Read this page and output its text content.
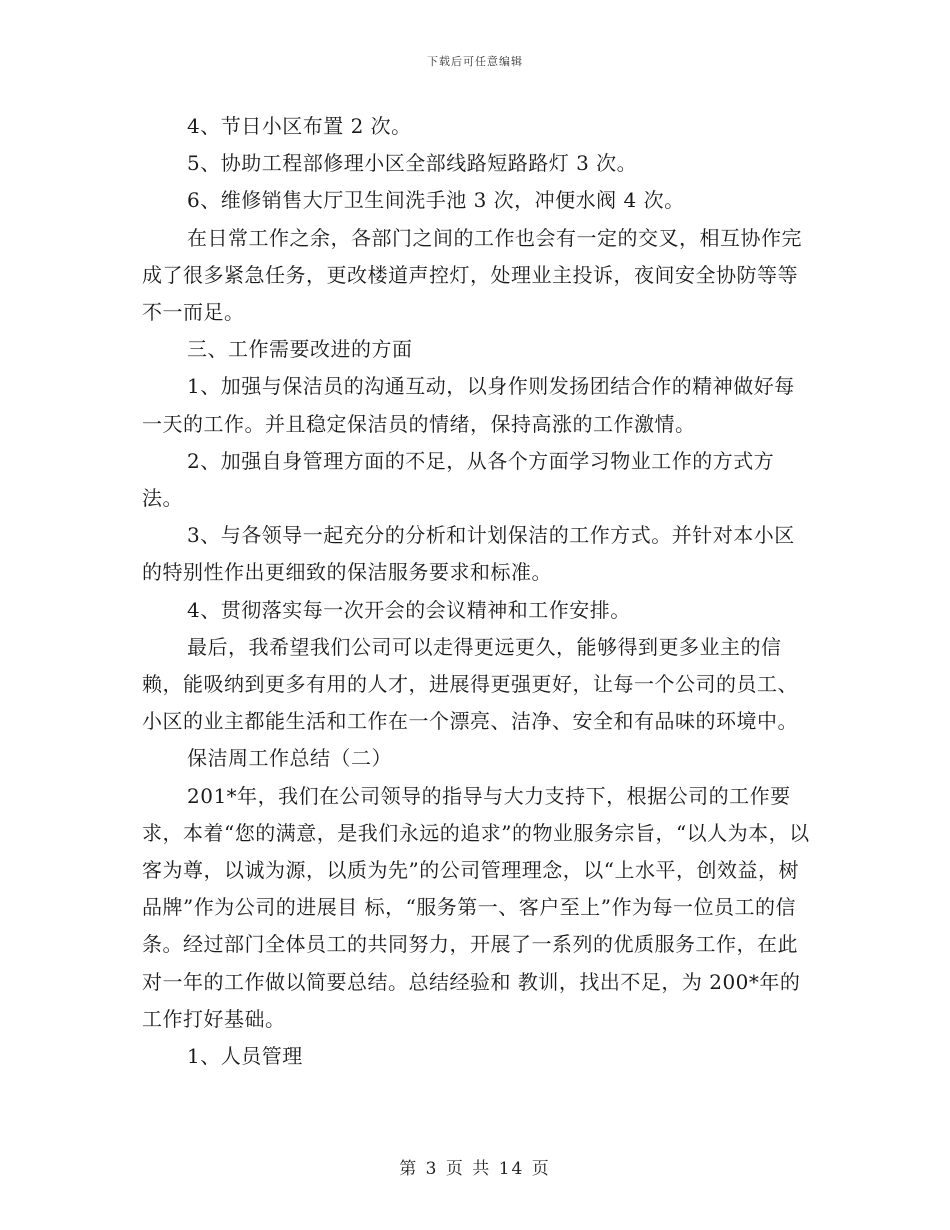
下载后可任意编辑

4、节日小区布置 2 次。

5、协助工程部修理小区全部线路短路路灯 3 次。

6、维修销售大厅卫生间洗手池 3 次，冲便水阀 4 次。

在日常工作之余，各部门之间的工作也会有一定的交叉，相互协作完成了很多紧急任务，更改楼道声控灯，处理业主投诉，夜间安全协防等等不一而足。

三、工作需要改进的方面

1、加强与保洁员的沟通互动，以身作则发扬团结合作的精神做好每一天的工作。并且稳定保洁员的情绪，保持高涨的工作激情。

2、加强自身管理方面的不足，从各个方面学习物业工作的方式方法。

3、与各领导一起充分的分析和计划保洁的工作方式。并针对本小区的特别性作出更细致的保洁服务要求和标准。

4、贯彻落实每一次开会的会议精神和工作安排。

最后，我希望我们公司可以走得更远更久，能够得到更多业主的信赖，能吸纳到更多有用的人才，进展得更强更好，让每一个公司的员工、小区的业主都能生活和工作在一个漂亮、洁净、安全和有品味的环境中。

保洁周工作总结（二）

201*年，我们在公司领导的指导与大力支持下，根据公司的工作要求，本着“您的满意，是我们永远的追求”的物业服务宗旨，“以人为本，以客为尊，以诚为源，以质为先”的公司管理理念，以“上水平，创效益，树品牌”作为公司的进展目 标，“服务第一、客户至上”作为每一位员工的信条。经过部门全体员工的共同努力，开展了一系列的优质服务工作，在此对一年的工作做以简要总结。总结经验和 教训，找出不足，为 200*年的工作打好基础。

1、人员管理

第 3 页 共 14 页
